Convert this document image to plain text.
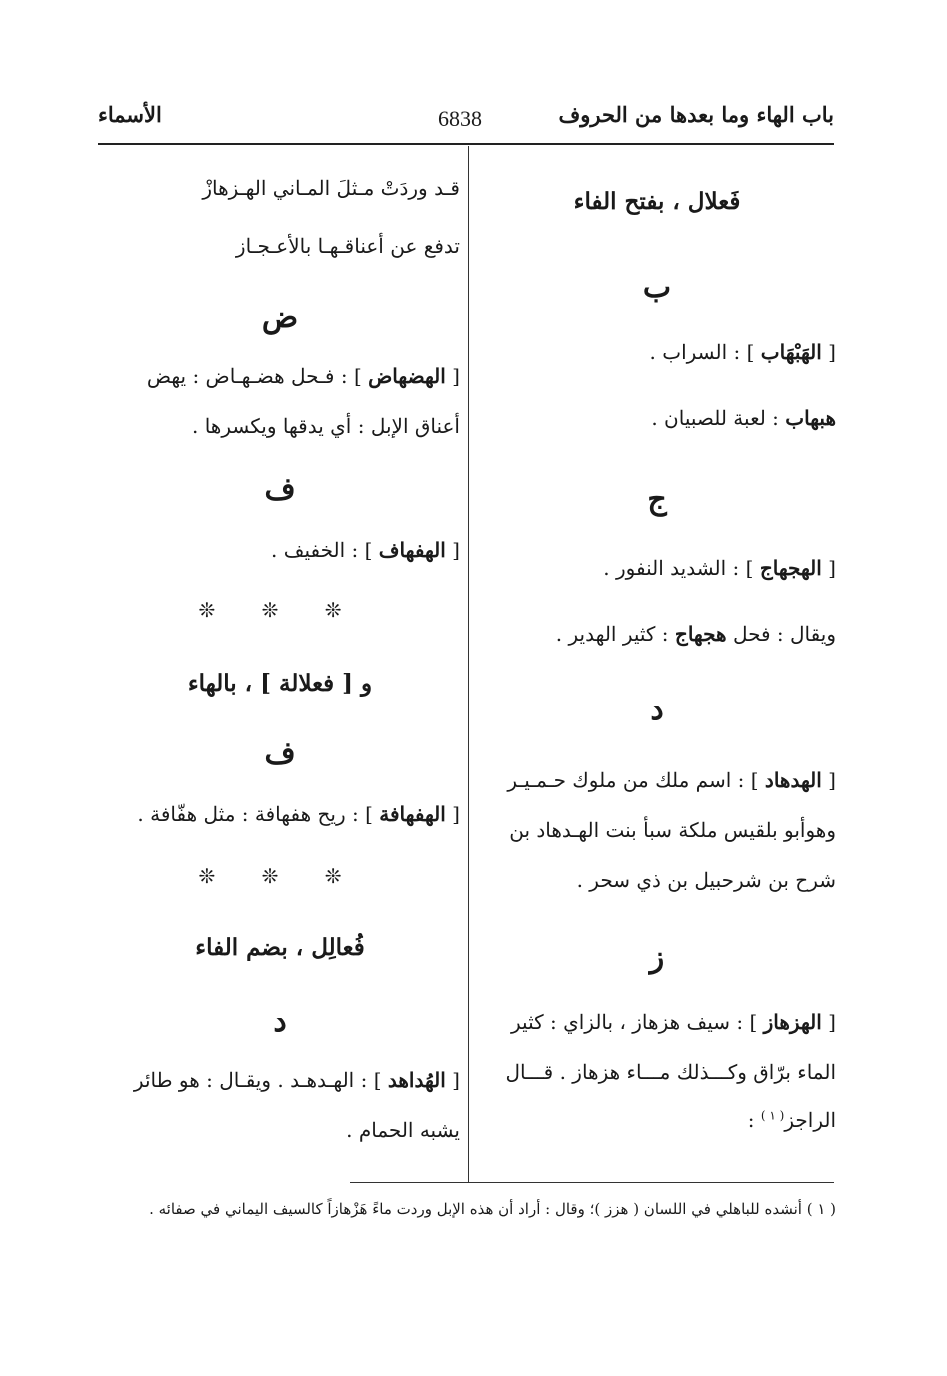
باب الهاء وما بعدها من الحروف
6838
الأسماء
فَعلال ، بفتح الفاء
ب
[ الهَبْهَاب ] : السراب .
هبهاب : لعبة للصبيان .
ج
[ الهجهاج ] : الشديد النفور .
ويقال : فحل هجهاج : كثير الهدير .
د
[ الهدهاد ] : اسم ملك من ملوك حـمـيـر
وهوأبو بلقيس ملكة سبأ بنت الهـدهاد بن
شرح بن شرحبيل بن ذي سحر .
ز
[ الهزهاز ] : سيف هزهاز ، بالزاي : كثير
الماء برّاق وكـــذلك مـــاء هزهاز . قـــال
الراجز$^{( ١ )}$ :
قـد وردَتْ مـثلَ المـاني الهـزهازْ
تدفع عن أعناقـهـا بالأعـجـاز
ض
[ الهضهاض ] : فـحل هضـهـاض : يهض
أعناق الإبل : أي يدقها ويكسرها .
ف
[ الهفهاف ] : الخفيف .
❊ ❊ ❊
و [ فعلالة ] ، بالهاء
ف
[ الهفهافة ] : ريح هفهافة : مثل هفّافة .
❊ ❊ ❊
فُعالِل ، بضم الفاء
د
[ الهُداهد ] : الهـدهـد . ويقـال : هو طائر
يشبه الحمام .
( ١ ) أنشده للباهلي في اللسان ( هزز )؛ وقال : أراد أن هذه الإبل وردت ماءً هَزْهازاً كالسيف اليماني في صفائه .
